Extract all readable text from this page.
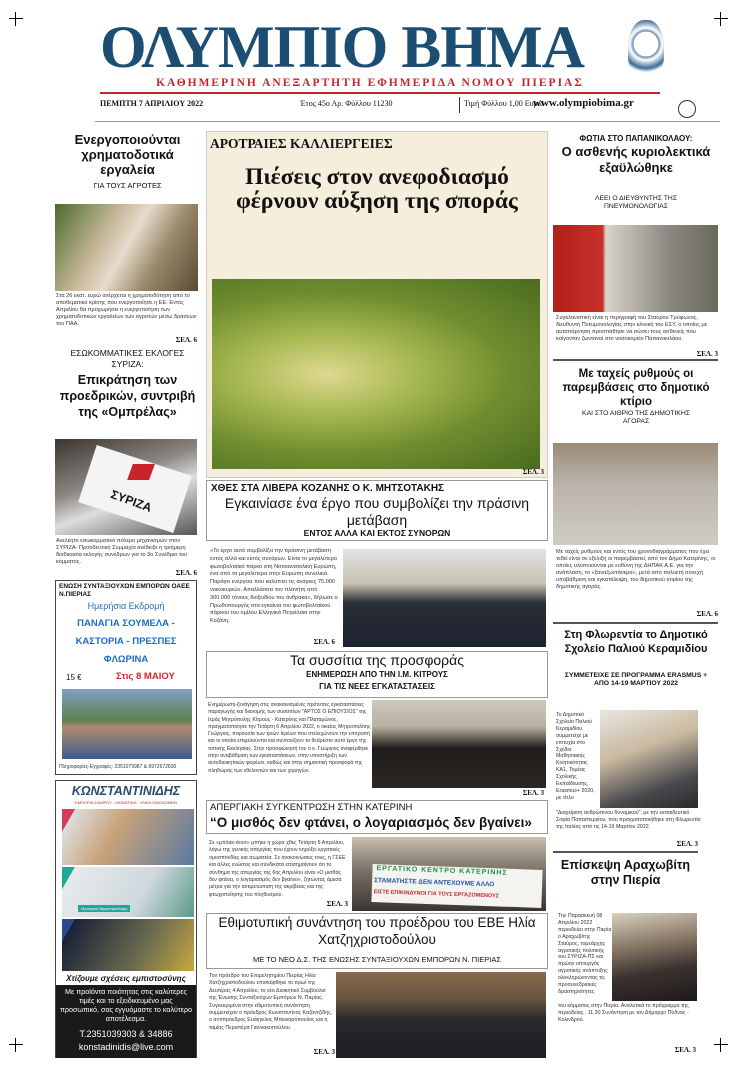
ΟΛΥΜΠΙΟ ΒΗΜΑ
ΚΑΘΗΜΕΡΙΝΗ ΑΝΕΞΑΡΤΗΤΗ ΕΦΗΜΕΡΙΔΑ ΝΟΜΟΥ ΠΙΕΡΙΑΣ
ΠΕΜΠΤΗ 7 ΑΠΡΙΛΙΟΥ 2022	Έτος 45ο Αρ. Φύλλου 11230	Τιμή Φύλλου 1,00 Ευρώ
www.olympiobima.gr
Ενεργοποιούνται χρηματοδοτικά εργαλεία
ΓΙΑ ΤΟΥΣ ΑΓΡΟΤΕΣ
Στα 26 εκατ. ευρώ ανέρχεται η χρηματοδότηση από το αποθεματικό κρίσης που ενεργοποίησε η ΕΕ. Εντός Απριλίου θα προχωρήσει η ενεργοποίηση των χρηματοδοτικών εργαλείων των αγροτών μέσω δράσεων του ΠΑΑ.
ΣΕΛ. 6
ΕΣΩΚΟΜΜΑΤΙΚΕΣ ΕΚΛΟΓΕΣ ΣΥΡΙΖΑ:
Επικράτηση των προεδρικών, συντριβή της «Ομπρέλας»
ΣΥΡΙΖΑ
Ανελέητο εσωκομματικό πόλεμο μηχανισμών στον ΣΥΡΙΖΑ- Προοδευτική Συμμαχία ανέδειξε η τριήμερη διαδικασία εκλογής συνέδρων για το 3ο Συνέδριο του κόμματος.
ΣΕΛ. 6
ΕΝΩΣΗ ΣΥΝΤΑΞΙΟΥΧΩΝ ΕΜΠΟΡΩΝ ΟΑΕΕ Ν.ΠΙΕΡΙΑΣ
Ημερήσια Εκδρομή
ΠΑΝΑΓΙΑ ΣΟΥΜΕΛΑ -
ΚΑΣΤΟΡΙΑ - ΠΡΕΣΠΕΣ
ΦΛΩΡΙΝΑ
15 €	Στις 8 ΜΑΙΟΥ
Πληροφορίες-Εγγραφές: 2351079987 & 6972672830
ΚΩΝΣΤΑΝΤΙΝΙΔΗΣ
ΕΜΠΟΡΙΑ ΣΙΔΗΡΟΥ - ΜΟΝΩΤΙΚΑ - ΥΛΙΚΑ ΟΙΚΟΔΟΜΩΝ
εξωτερική θερμοπρόσοψη
Χτίζουμε σχέσεις εμπιστοσύνης
Με προϊόντα ποιότητας στις καλύτερες τιμές και το εξειδικευμένο μας προσωπικό, σας εγγυόμαστε το καλύτερο αποτέλεσμα.
T.2351039303 & 34886
konstadinidis@live.com
ΑΡΟΤΡΑΙΕΣ ΚΑΛΛΙΕΡΓΕΙΕΣ
Πιέσεις στον ανεφοδιασμό φέρνουν αύξηση της σποράς
ΣΕΛ. 3
ΧΘΕΣ ΣΤΑ ΛΙΒΕΡΑ ΚΟΖΑΝΗΣ Ο Κ. ΜΗΤΣΟΤΑΚΗΣ
Εγκαινίασε ένα έργο που συμβολίζει την πράσινη μετάβαση
ΕΝΤΟΣ ΑΛΛΑ ΚΑΙ ΕΚΤΟΣ ΣΥΝΟΡΩΝ
«Το έργο αυτό συμβολίζει την πράσινη μετάβαση εντός αλλά και εκτός συνόρων. Είναι το μεγαλύτερο φωτοβολταϊκό πάρκο στη Νοτιοανατολική Ευρώπη, ένα από τα μεγαλύτερα στην Ευρώπη συνολικά. Παράγει ενέργεια που καλύπτει τις ανάγκες 75.000 νοικοκυριών. Απαλλάσσει τον πλανήτη από 300.000 τόνους διοξειδίου του άνθρακα», δήλωσε ο Πρωθυπουργός στα εγκαίνια του φωτοβολταϊκού πάρκου του ομίλου Ελληνικά Πετρέλαια στην Κοζάνη.
ΣΕΛ. 6
Τα συσσίτια της προσφοράς
ΕΝΗΜΕΡΩΣΗ ΑΠΟ ΤΗΝ Ι.Μ. ΚΙΤΡΟΥΣ
ΓΙΑ ΤΙΣ ΝΕΕΣ ΕΓΚΑΤΑΣΤΑΣΕΙΣ
Ενημέρωση-ξενάγηση στις ανακαινισμένες πρότυπες εγκαταστάσεις παραγωγής και διανομής των συσσιτίων "ΑΡΤΟΣ Ο ΕΠΙΟΥΣΙΟΣ" της Ιεράς Μητρόπολης Κίτρους - Κατερίνης και Πλαταμώνος, πραγματοποίησε την Τετάρτη 6 Απριλίου 2022, ο οικείος Μητροπολίτης Γεώργιος, παρουσία των τριών Ιερέων που στελεχώνουν την επιτροπή και οι οποίοι επιμελούνται και συντονίζουν το θεάρεστο αυτό έργο της τοπικής Εκκλησίας. Στην προσφώνησή του ο κ. Γεώργιος αναφέρθηκε στην αναβάθμιση των εγκαταστάσεων, στην υποστήριξη των αυτοδιοικητικών φορέων, καθώς και στην σημαντική προσφορά της πληθώρας των εθελοντών και των χορηγών.
ΣΕΛ. 3
ΑΠΕΡΓΙΑΚΗ ΣΥΓΚΕΝΤΡΩΣΗ ΣΤΗΝ ΚΑΤΕΡΙΝΗ
“Ο μισθός δεν φτάνει, ο λογαριασμός δεν βγαίνει»
Σε «μπλακ-άουτ» μπήκε η χώρα χθες Τετάρτη 6 Απριλίου, λόγω της γενικής απεργίας που έχουν κηρύξει εργατικές ομοσπονδίες και σωματεία. Σε ανακοινώσεις τους, η ΓΣΕΕ και άλλες ενώσεις και συνδικάτα επισημαίνουν ότι το σύνθημα της απεργίας της 6ης Απριλίου είναι «Ο μισθός δεν φτάνει, ο λογαριασμός δεν βγαίνει», ζητώντας άμεσα μέτρα για την αντιμετώπιση της ακρίβειας και της φτωχοποίησης του πληθυσμού.
ΣΕΛ. 3
ΕΡΓΑΤΙΚΟ ΚΕΝΤΡΟ ΚΑΤΕΡΙΝΗΣ
ΣΤΑΜΑΤΗΣΤΕ ΔΕΝ ΑΝΤΕΧΟΥΜΕ ΑΛΛΟ
ΕΙΣΤΕ ΕΠΙΚΙΝΔΥΝΟΙ ΓΙΑ ΤΟΥΣ ΕΡΓΑΖΟΜΕΝΟΥΣ
Εθιμοτυπική συνάντηση του προέδρου του ΕΒΕ Ηλία Χατζηχριστοδούλου
ΜΕ ΤΟ ΝΕΟ Δ.Σ. ΤΗΣ ΕΝΩΣΗΣ ΣΥΝΤΑΞΙΟΥΧΩΝ ΕΜΠΟΡΩΝ Ν. ΠΙΕΡΙΑΣ
Τον πρόεδρο του Επιμελητηρίου Πιερίας Ηλία Χατζηχριστοδούλου επισκέφθηκε το πρωί της Δευτέρας 4 Απριλίου, το νέο Διοικητικό Συμβούλιο της Ένωσης Συνταξιούχων Εμπόρων Ν. Πιερίας. Συγκεκριμένα στην εθιμοτυπική συνάντηση συμμετείχαν ο πρόεδρος Κωνσταντίνος Καζαντζίδης, ο αντιπρόεδρος Ευάγγελος Μπεκιαρόπουλος και η ταμίας Περιστέρα Γιαννακοπούλου.
ΣΕΛ. 3
ΦΩΤΙΑ ΣΤΟ ΠΑΠΑΝΙΚΟΛΑΟΥ:
Ο ασθενής κυριολεκτικά εξαϋλώθηκε
ΛΕΕΙ Ο ΔΙΕΥΘΥΝΤΗΣ ΤΗΣ ΠΝΕΥΜΟΝΟΛΟΓΙΑΣ
Συγκλονιστική είναι η περιγραφή του Σταύρου Τρύφωνος, διευθυντή Πνευμονολογίας στην κλινική του ΕΣΥ, ο οποίος με αυταπάρνηση προσπάθησε να σώσει τους ασθενείς που καίγονταν ζωντανοί στο νοσοκομείο Παπανικολάου.
ΣΕΛ. 3
Με ταχείς ρυθμούς οι παρεμβάσεις στο δημοτικό κτίριο
ΚΑΙ ΣΤΟ ΑΙΘΡΙΟ ΤΗΣ ΔΗΜΟΤΙΚΗΣ ΑΓΟΡΑΣ
Με ταχείς ρυθμούς και εντός του χρονοδιαγράμματος που έχει τεθεί είναι σε εξέλιξη οι παρεμβάσεις από τον Δήμο Κατερίνης, οι οποίες υλοποιούνται με ευθύνη της ΔΗΠΑΚ Α.Ε. για την ανάπλαση, το «ξαναζωντάνεμα», μετά από πολυετή συνεχή υποβάθμιση και εγκατάλειψη, του δημοτικού κτιρίου της δημοτικής αγοράς.
ΣΕΛ. 6
Στη Φλωρεντία το Δημοτικό Σχολείο Παλιού Κεραμιδίου
ΣΥΜΜΕΤΕΙΧΕ ΣΕ ΠΡΟΓΡΑΜΜΑ ERASMUS + ΑΠΟ 14-19 ΜΑΡΤΙΟΥ 2022
Το Δημοτικό Σχολείο Παλιού Κεραμιδίου συμμετείχε με επιτυχία στο Σχέδιο Μαθησιακής Κινητικότητας ΚΑ1, Τομέας Σχολικής Εκπαίδευσης, Erasmus+ 2020, με τίτλο
"Διαχείριση ανθρώπινου δυναμικού", με την εκπαιδευτικό Σοφία Παπαστεργίου, που πραγματοποιήθηκε στη Φλωρεντία της Ιταλίας από τις 14-19 Μαρτίου 2022.
ΣΕΛ. 3
Επίσκεψη Αραχωβίτη στην Πιερία
Την Παρασκευή 08 Απριλίου 2022 περιοδεύει στην Πιερία ο Αραχωβίτης Σταύρος, τομεάρχης αγροτικής πολιτικής του ΣΥΡΙΖΑ-ΠΣ και πρώην υπουργός αγροτικής ανάπτυξης ολοκληρώνοντας τις προσυνεδριακές δραστηριότητες
του κόμματος στην Πιερία. Αναλυτικά το πρόγραμμα της περιοδείας : 11.30 Συνάντηση με τον Δήμαρχο Πύδνας - Κολινδρού.
ΣΕΛ. 3
